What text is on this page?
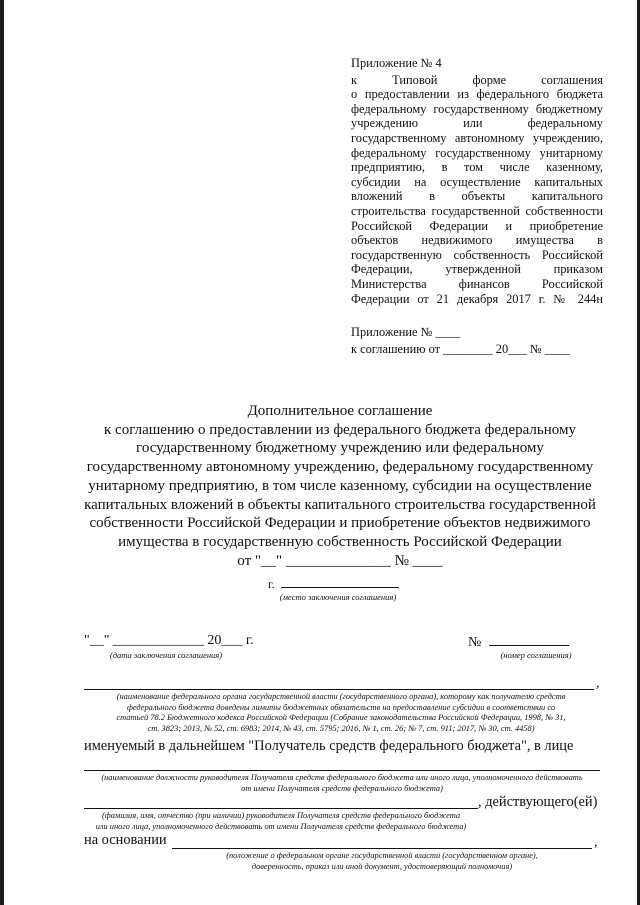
Приложение № 4
к Типовой форме соглашения
о предоставлении из федерального бюджета
федеральному государственному бюджетному
учреждению или федеральному
государственному автономному учреждению,
федеральному государственному унитарному
предприятию, в том числе казенному,
субсидии на осуществление капитальных
вложений в объекты капитального
строительства государственной собственности
Российской Федерации и приобретение
объектов недвижимого имущества в
государственную собственность Российской
Федерации, утвержденной приказом
Министерства финансов Российской
Федерации от 21 декабря 2017 г. № 244н
Приложение № ____
к соглашению от ________ 20___ № ____
Дополнительное соглашение
к соглашению о предоставлении из федерального бюджета федеральному
государственному бюджетному учреждению или федеральному
государственному автономному учреждению, федеральному государственному
унитарному предприятию, в том числе казенному, субсидии на осуществление
капитальных вложений в объекты капитального строительства государственной
собственности Российской Федерации и приобретение объектов недвижимого
имущества в государственную собственность Российской Федерации
от "__" ______________ № ____
г.
(место заключения соглашения)
"__" _____________ 20___ г.
(дата заключения соглашения)
№
(номер соглашения)
,
(наименование федерального органа государственной власти (государственного органа), которому как получателю средств
федерального бюджета доведены лимиты бюджетных обязательств на предоставление субсидии в соответствии со
статьей 78.2 Бюджетного кодекса Российской Федерации (Собрание законодательства Российской Федерации, 1998, № 31,
ст. 3823; 2013, № 52, ст. 6983; 2014, № 43, ст. 5795; 2016, № 1, ст. 26; № 7, ст. 911; 2017, № 30, ст. 4458)
именуемый в дальнейшем "Получатель средств федерального бюджета", в лице
(наименование должности руководителя Получателя средств федерального бюджета или иного лица, уполномоченного действовать
от имени Получателя средств федерального бюджета)
, действующего(ей)
(фамилия, имя, отчество (при наличии) руководителя Получателя средств федерального бюджета
или иного лица, уполномоченного действовать от имени Получателя средств федерального бюджета)
на основании	,
(положение о федеральном органе государственной власти (государственном органе),
доверенность, приказ или иной документ, удостоверяющий полномочия)
